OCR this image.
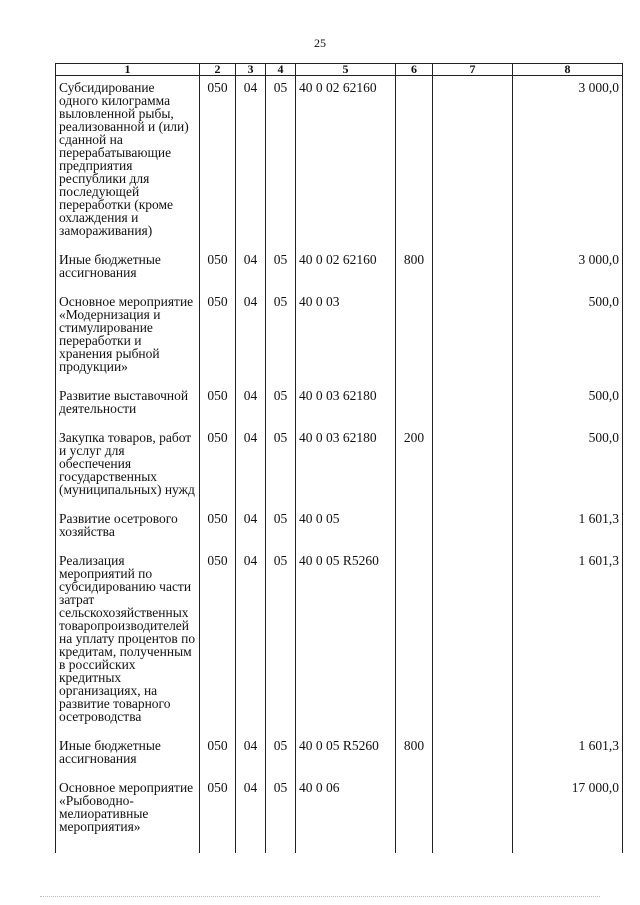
25
1	2	3	4	5	6	7	8
Субсидирование одного килограмма выловленной рыбы, реализованной и (или) сданной на перерабатывающие предприятия республики для последующей переработки (кроме охлаждения и замораживания)	050	04	05	40 0 02 62160			3 000,0
Иные бюджетные ассигнования	050	04	05	40 0 02 62160	800		3 000,0
Основное мероприятие «Модернизация и стимулирование переработки и хранения рыбной продукции»	050	04	05	40 0 03			500,0
Развитие выставочной деятельности	050	04	05	40 0 03 62180			500,0
Закупка товаров, работ и услуг для обеспечения государственных (муниципальных) нужд	050	04	05	40 0 03 62180	200		500,0
Развитие осетрового хозяйства	050	04	05	40 0 05			1 601,3
Реализация мероприятий по субсидированию части затрат сельскохозяйственных товаропроизводителей на уплату процентов по кредитам, полученным в российских кредитных организациях, на развитие товарного осетроводства	050	04	05	40 0 05 R5260			1 601,3
Иные бюджетные ассигнования	050	04	05	40 0 05 R5260	800		1 601,3
Основное мероприятие «Рыбоводно-мелиоративные мероприятия»	050	04	05	40 0 06			17 000,0
